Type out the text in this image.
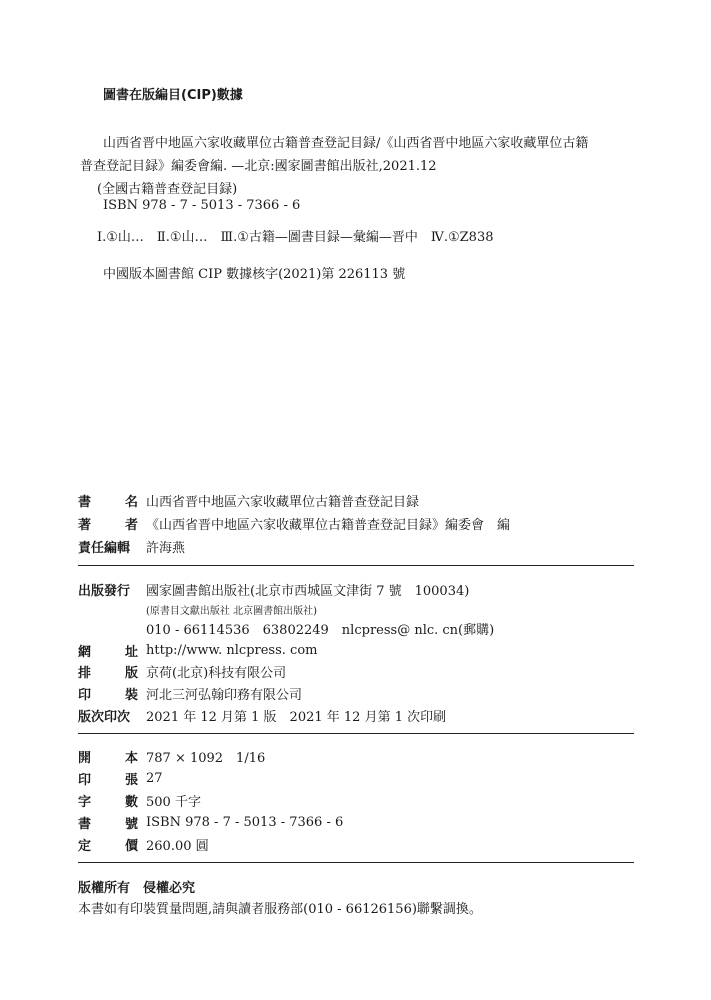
圖書在版編目(CIP)數據
山西省晋中地區六家收藏單位古籍普查登記目録/《山西省晋中地區六家收藏單位古籍
普查登記目録》編委會編. —北京:國家圖書館出版社,2021.12
(全國古籍普查登記目録)
ISBN 978 - 7 - 5013 - 7366 - 6
Ⅰ.①山…　Ⅱ.①山…　Ⅲ.①古籍—圖書目録—彙編—晋中　Ⅳ.①Z838
中國版本圖書館 CIP 數據核字(2021)第 226113 號
書	名 山西省晋中地區六家收藏單位古籍普查登記目録
著	者 《山西省晋中地區六家收藏單位古籍普查登記目録》編委會　編
責任編輯	許海燕
出版發行	國家圖書館出版社(北京市西城區文津街 7 號　100034)
(原書目文獻出版社 北京圖書館出版社)
010 - 66114536　63802249　nlcpress@ nlc. cn(郵購)
網	址 http://www. nlcpress. com
排	版 京荷(北京)科技有限公司
印	裝 河北三河弘翰印務有限公司
版次印次	2021 年 12 月第 1 版　2021 年 12 月第 1 次印刷
開	本 787 × 1092　1/16
印	張 27
字	數 500 千字
書	號 ISBN 978 - 7 - 5013 - 7366 - 6
定	價 260.00 圓
版權所有　侵權必究
本書如有印裝質量問題,請與讀者服務部(010 - 66126156)聯繫調換。
